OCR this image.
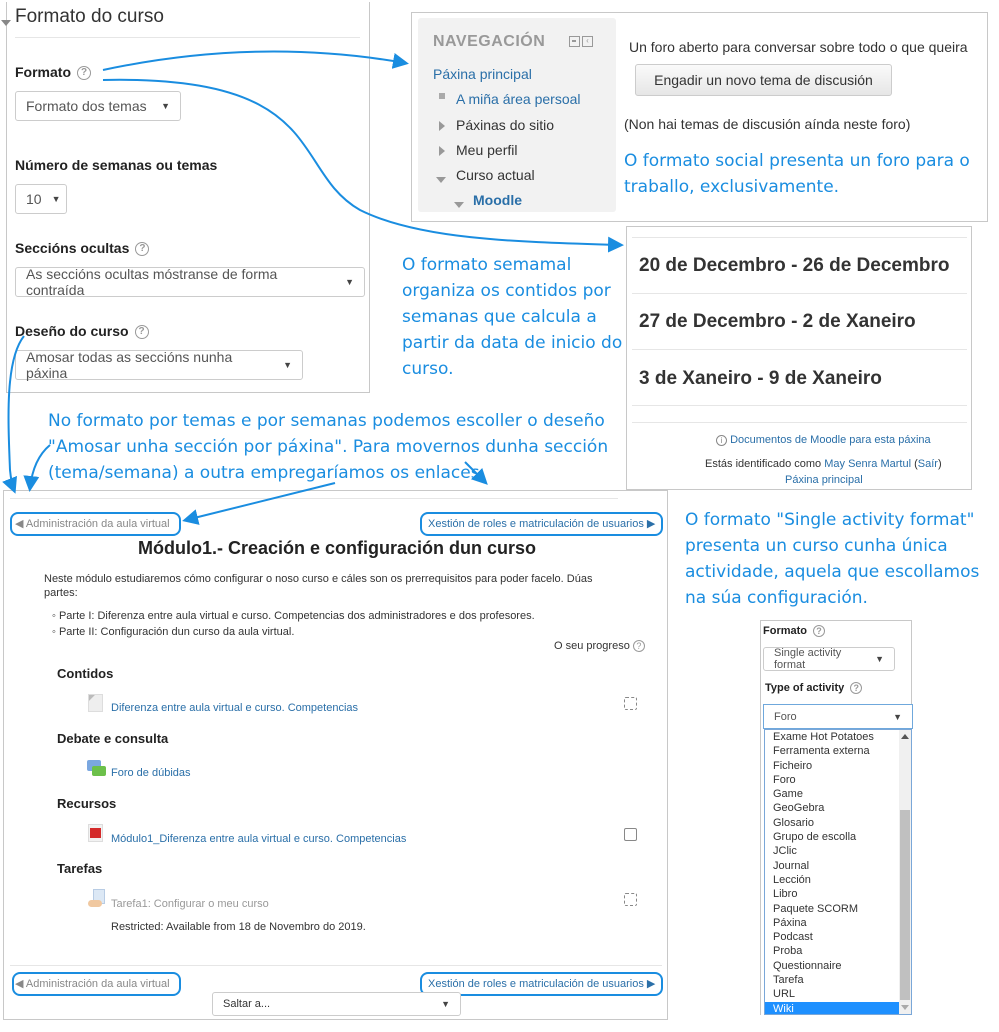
Formato do curso
Formato ?
Formato dos temas ▼
Número de semanas ou temas
10 ▼
Seccións ocultas ?
As seccións ocultas móstranse de forma contraída	▼
Deseño do curso ?
Amosar todas as seccións nunha páxina	▼
NAVEGACIÓN	‹
Páxina principal
A miña área persoal
Páxinas do sitio
Meu perfil
Curso actual
Moodle
Un foro aberto para conversar sobre todo o que queira
Engadir un novo tema de discusión
(Non hai temas de discusión aínda neste foro)
O formato social presenta un foro para o traballo, exclusivamente.
20 de Decembro - 26 de Decembro
27 de Decembro - 2 de Xaneiro
3 de Xaneiro - 9 de Xaneiro
i Documentos de Moodle para esta páxina
Estás identificado como May Senra Martul (Saír)
Páxina principal
O formato semamal organiza os contidos por semanas que calcula a partir da data de inicio do curso.
No formato por temas e por semanas podemos escoller o deseño "Amosar unha sección por páxina". Para movernos dunha sección (tema/semana) a outra empregaríamos os enlaces.
◀ Administración da aula virtual	Xestión de roles e matriculación de usuarios ▶
Módulo1.- Creación e configuración dun curso
Neste módulo estudiaremos cómo configurar o noso curso e cáles son os prerrequisitos para poder facelo. Dúas partes:
◦ Parte I: Diferenza entre aula virtual e curso. Competencias dos administradores e dos profesores.
◦ Parte II: Configuración dun curso da aula virtual.
O seu progreso ?
Contidos
Diferenza entre aula virtual e curso. Competencias
Debate e consulta
Foro de dúbidas
Recursos
Módulo1_Diferenza entre aula virtual e curso. Competencias
Tarefas
Tarefa1: Configurar o meu curso
Restricted: Available from 18 de Novembro do 2019.
◀ Administración da aula virtual	Xestión de roles e matriculación de usuarios ▶
Saltar a...	▼
O formato "Single activity format" presenta un curso cunha única actividade, aquela que escollamos na súa configuración.
Formato ?
Single activity format	▼
Type of activity ?
Foro	▼
Exame Hot Potatoes
Ferramenta externa
Ficheiro
Foro
Game
GeoGebra
Glosario
Grupo de escolla
JClic
Journal
Lección
Libro
Paquete SCORM
Páxina
Podcast
Proba
Questionnaire
Tarefa
URL
Wiki
